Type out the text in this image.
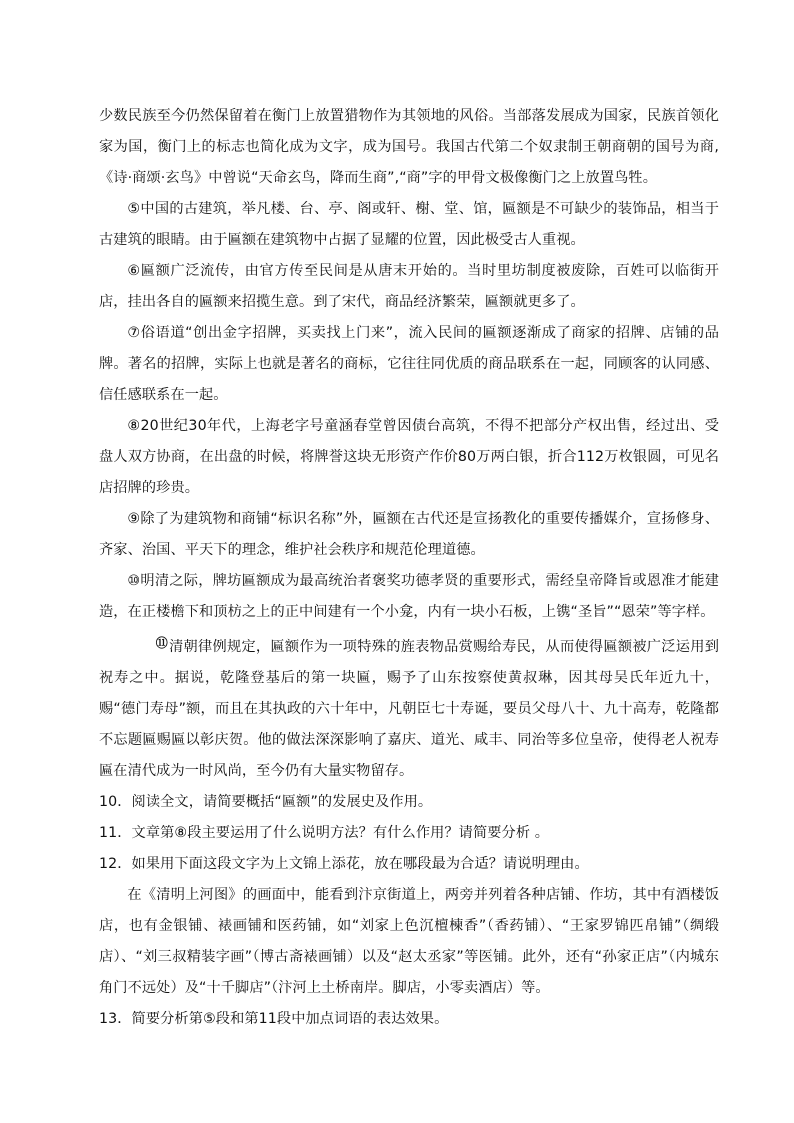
少数民族至今仍然保留着在衡门上放置猎物作为其领地的风俗。当部落发展成为国家，民族首领化家为国，衡门上的标志也简化成为文字，成为国号。我国古代第二个奴隶制王朝商朝的国号为商,《诗·商颂·玄鸟》中曾说“天命玄鸟，降而生商”,“商”字的甲骨文极像衡门之上放置鸟牲。

⑤中国的古建筑，举凡楼、台、亭、阁或轩、榭、堂、馆，匾额是不可缺少的装饰品，相当于古建筑的眼睛。由于匾额在建筑物中占据了显耀的位置，因此极受古人重视。

⑥匾额广泛流传，由官方传至民间是从唐末开始的。当时里坊制度被废除，百姓可以临街开店，挂出各自的匾额来招揽生意。到了宋代，商品经济繁荣，匾额就更多了。

⑦俗语道“创出金字招牌，买卖找上门来”，流入民间的匾额逐渐成了商家的招牌、店铺的品牌。著名的招牌，实际上也就是著名的商标，它往往同优质的商品联系在一起，同顾客的认同感、信任感联系在一起。

⑧20世纪30年代，上海老字号童涵春堂曾因债台高筑，不得不把部分产权出售，经过出、受盘人双方协商，在出盘的时候，将牌誉这块无形资产作价80万两白银，折合112万枚银圆，可见名店招牌的珍贵。

⑨除了为建筑物和商铺“标识名称”外，匾额在古代还是宣扬教化的重要传播媒介，宣扬修身、齐家、治国、平天下的理念，维护社会秩序和规范伦理道德。

⑩明清之际，牌坊匾额成为最高统治者褒奖功德孝贤的重要形式，需经皇帝降旨或恩准才能建造，在正楼檐下和顶枋之上的正中间建有一个小龛，内有一块小石板，上镌“圣旨”“恩荣”等字样。

⑪清朝律例规定，匾额作为一项特殊的旌表物品赏赐给寿民，从而使得匾额被广泛运用到祝寿之中。据说，乾隆登基后的第一块匾，赐予了山东按察使黄叔琳，因其母吴氏年近九十，赐“德门寿母”额，而且在其执政的六十年中，凡朝臣七十寿诞，要员父母八十、九十高寿，乾隆都不忘题匾赐匾以彰庆贺。他的做法深深影响了嘉庆、道光、咸丰、同治等多位皇帝，使得老人祝寿匾在清代成为一时风尚，至今仍有大量实物留存。

10．阅读全文，请简要概括“匾额”的发展史及作用。

11．文章第⑧段主要运用了什么说明方法？有什么作用？请简要分析 。

12．如果用下面这段文字为上文锦上添花，放在哪段最为合适？请说明理由。

在《清明上河图》的画面中，能看到汴京街道上，两旁并列着各种店铺、作坊，其中有酒楼饭店，也有金银铺、裱画铺和医药铺，如“刘家上色沉檀楝香”（香药铺）、“王家罗锦匹帛铺”（绸缎店）、“刘三叔精装字画”（博古斋裱画铺）以及“赵太丞家”等医铺。此外，还有“孙家正店”（内城东角门不远处）及“十千脚店”（汴河上土桥南岸。脚店，小零卖酒店）等。

13．简要分析第⑤段和第11段中加点词语的表达效果。
